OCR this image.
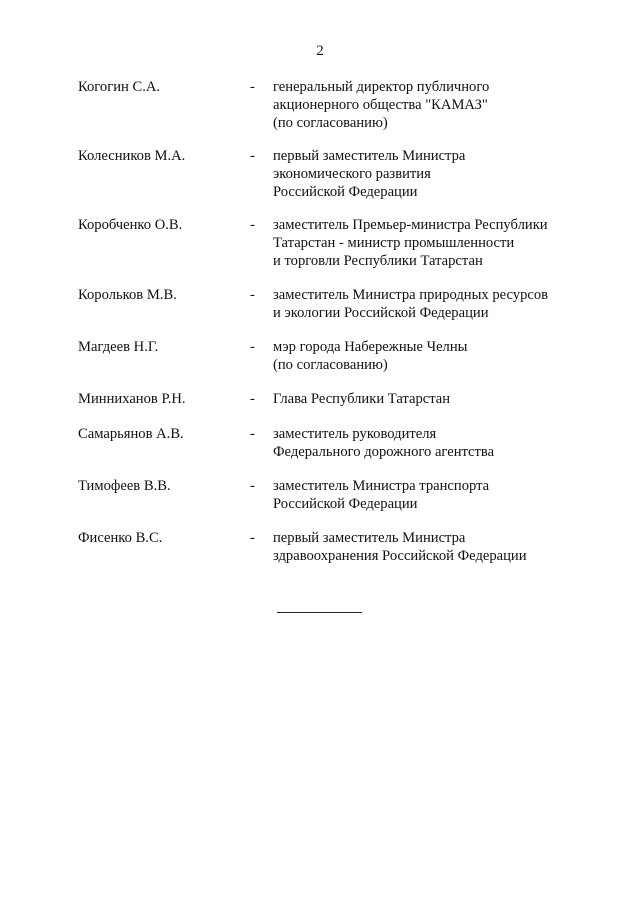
2
Когогин С.А.	- генеральный директор публичного
акционерного общества "КАМАЗ"
(по согласованию)
Колесников М.А.	- первый заместитель Министра
экономического развития
Российской Федерации
Коробченко О.В.	- заместитель Премьер-министра Республики
Татарстан - министр промышленности
и торговли Республики Татарстан
Корольков М.В.	- заместитель Министра природных ресурсов
и экологии Российской Федерации
Магдеев Н.Г.	- мэр города Набережные Челны
(по согласованию)
Минниханов Р.Н.	- Глава Республики Татарстан
Самарьянов А.В.	- заместитель руководителя
Федерального дорожного агентства
Тимофеев В.В.	- заместитель Министра транспорта
Российской Федерации
Фисенко В.С.	- первый заместитель Министра
здравоохранения Российской Федерации
